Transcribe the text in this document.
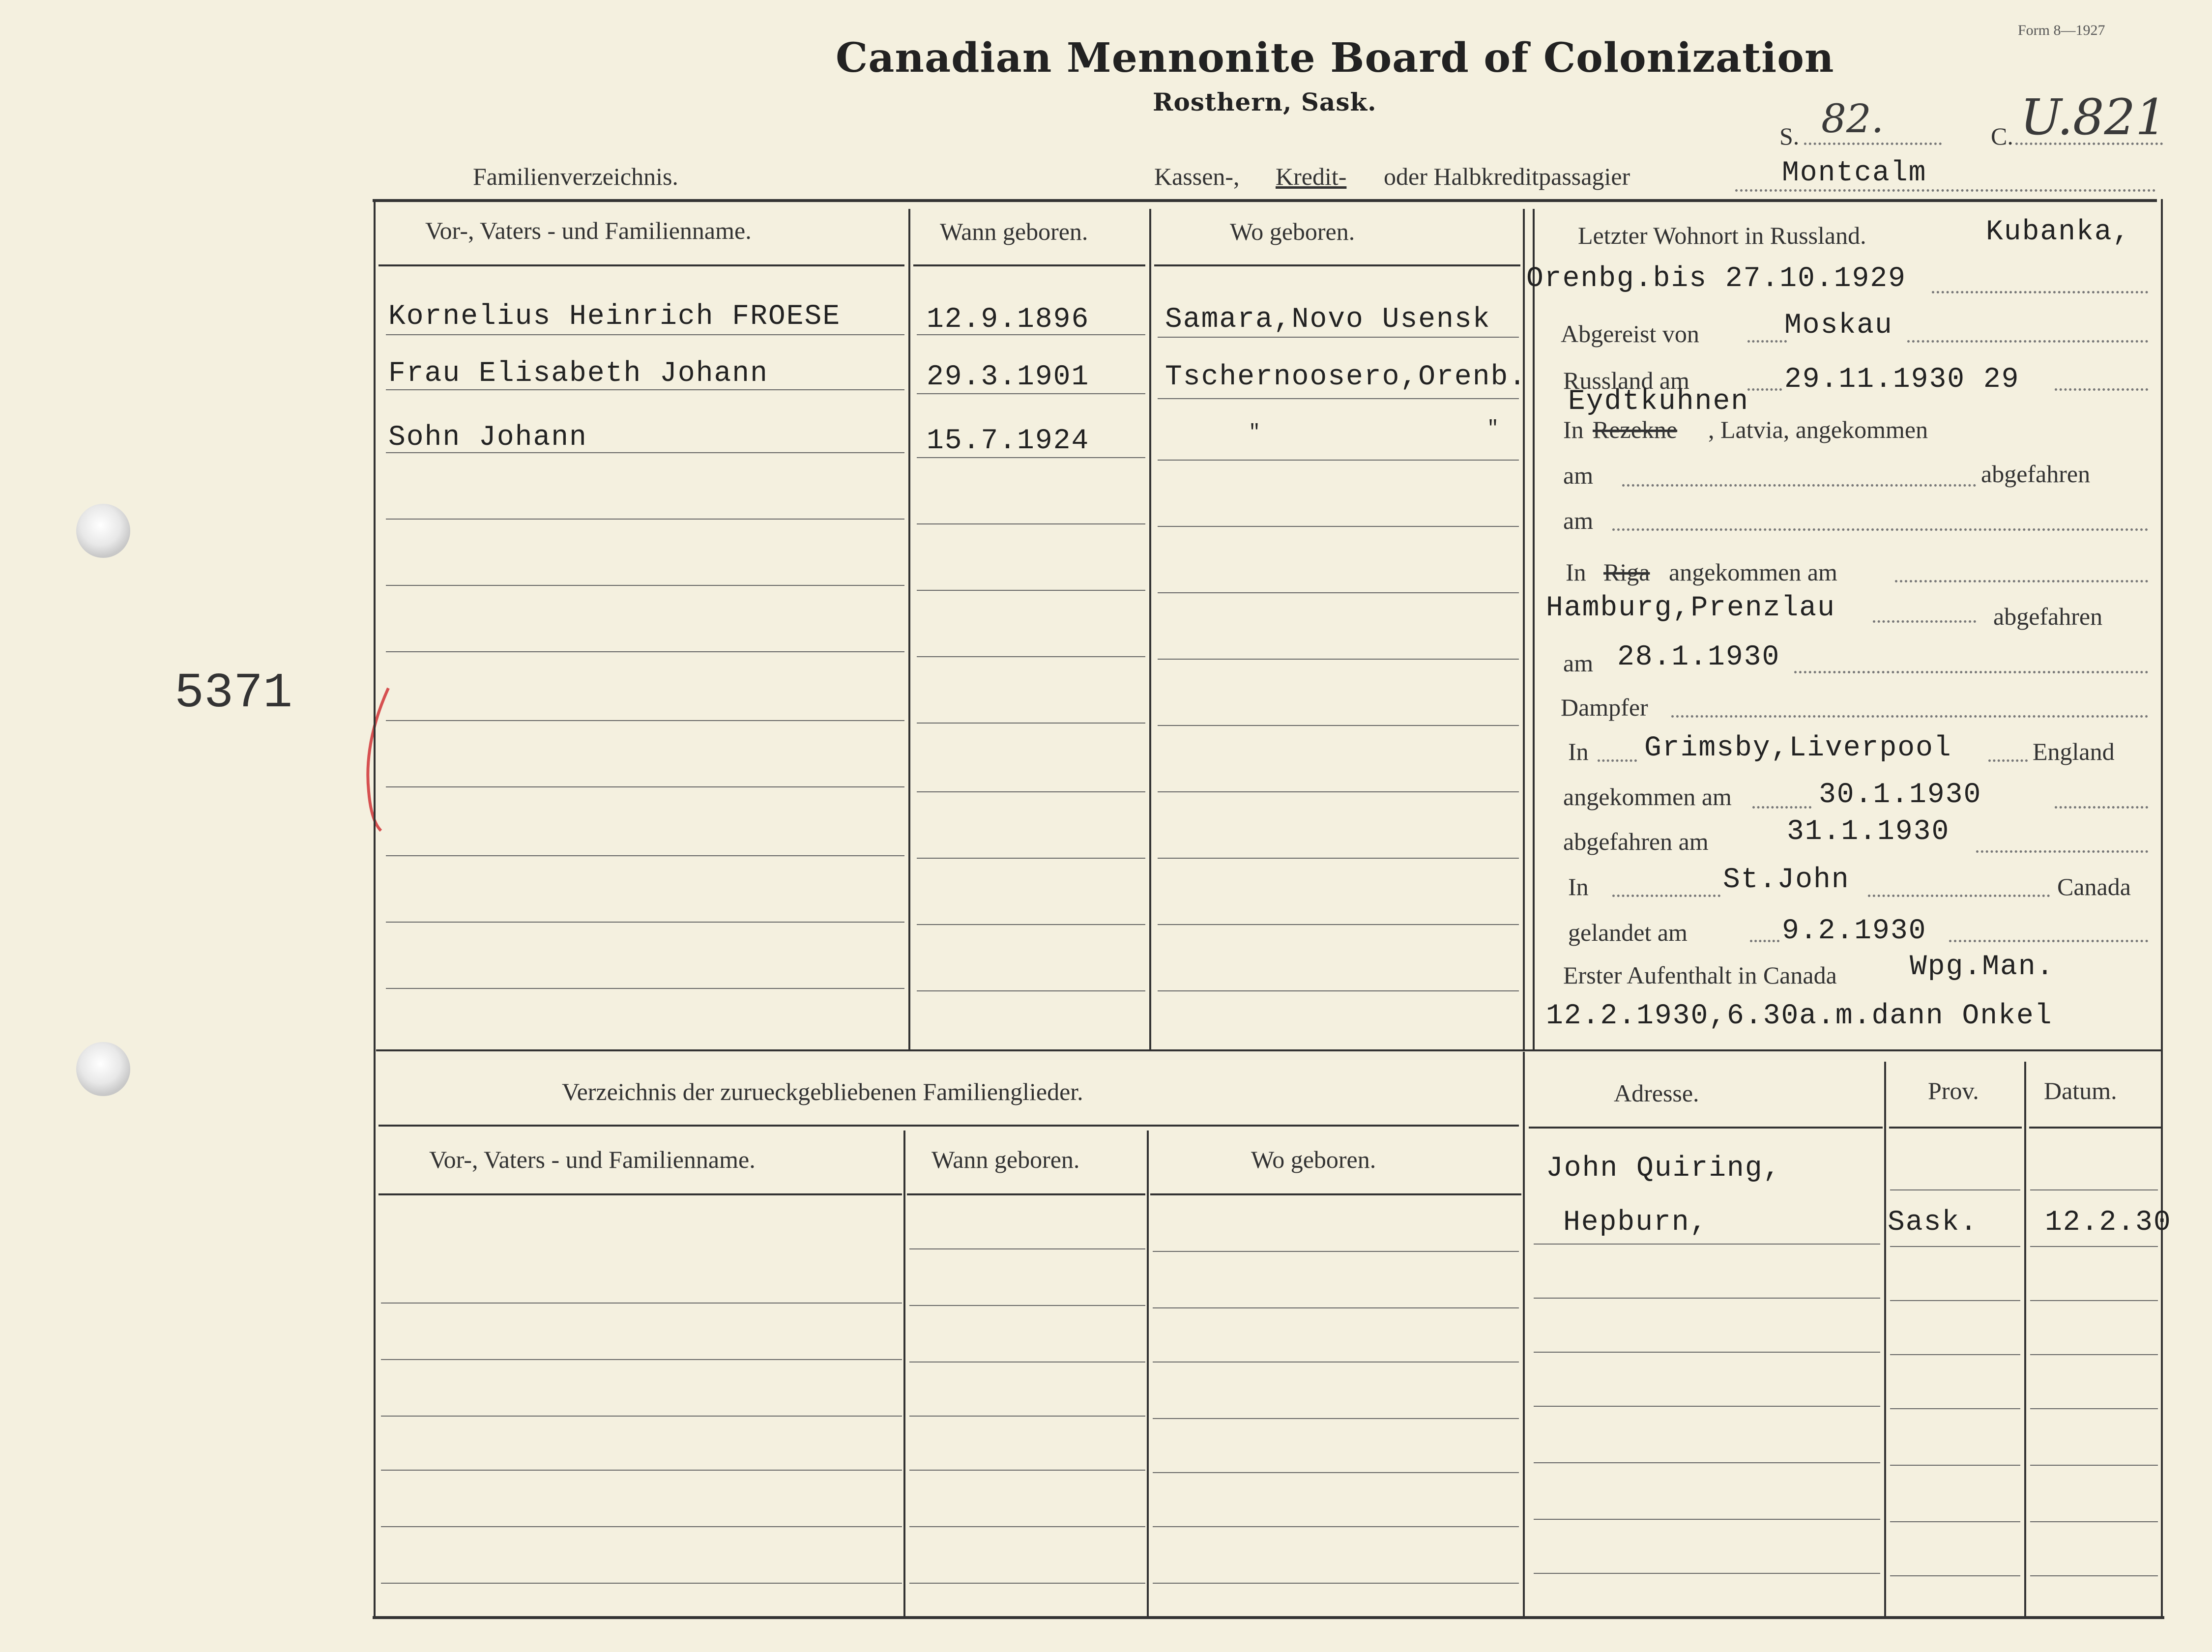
Form 8—1927
Canadian Mennonite Board of Colonization
Rosthern, Sask.
S. 82.	C. U.821
Familienverzeichnis.	Kassen-, Kredit- oder Halbkreditpassagier	Montcalm
5371
Vor-, Vaters - und Familienname.	Wann geboren.	Wo geboren.
Kornelius Heinrich FROESE	12.9.1896	Samara,Novo Usensk
Frau Elisabeth Johann	29.3.1901	Tschernoosero,Orenb.
Sohn Johann	15.7.1924	"	"
Letzter Wohnort in Russland.	Kubanka,
Orenbg.bis 27.10.1929
Abgereist von	Moskau
Russland am	29.11.1930 29
Eydtkuhnen
In Rezekne , Latvia, angekommen
am	abgefahren
am
In Riga angekommen am
Hamburg,Prenzlau	abgefahren
am 28.1.1930
Dampfer
In Grimsby,Liverpool	England
angekommen am	30.1.1930
abgefahren am	31.1.1930
In	St.John	Canada
gelandet am	9.2.1930
Erster Aufenthalt in Canada	Wpg.Man.
12.2.1930,6.30a.m.dann Onkel
Verzeichnis der zurueckgebliebenen Familienglieder.
Vor-, Vaters - und Familienname.	Wann geboren.	Wo geboren.
Adresse.	Prov.	Datum.
John Quiring,
Hepburn,	Sask. 12.2.30
